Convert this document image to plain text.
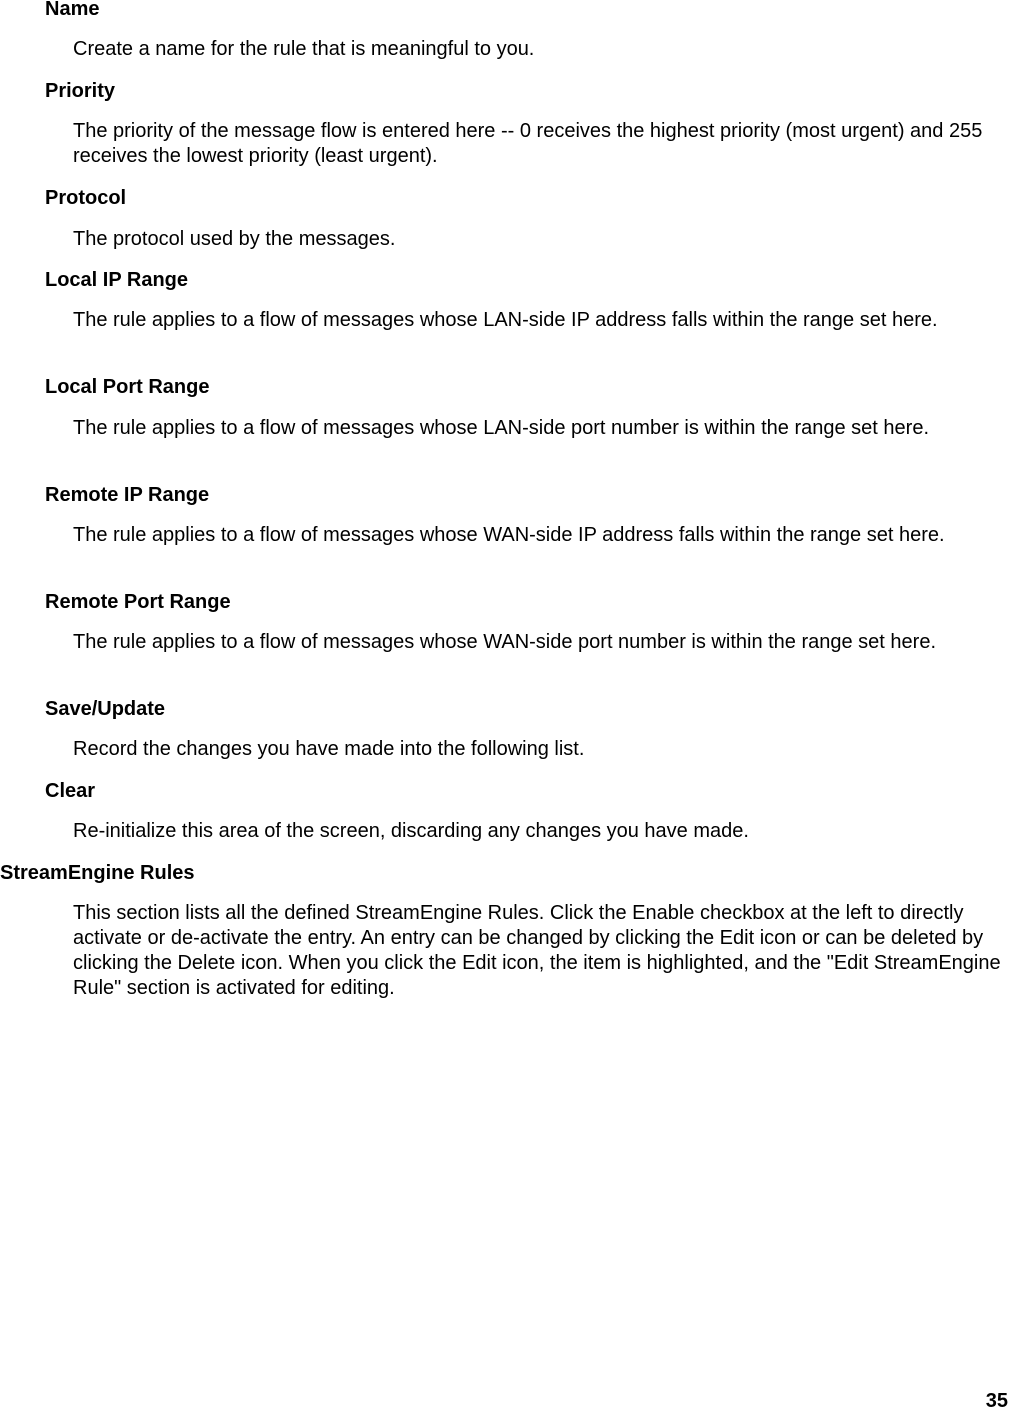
Name

Create a name for the rule that is meaningful to you.

Priority

The priority of the message flow is entered here -- 0 receives the highest priority (most urgent) and 255 receives the lowest priority (least urgent).

Protocol

The protocol used by the messages.

Local IP Range

The rule applies to a flow of messages whose LAN-side IP address falls within the range set here.

Local Port Range

The rule applies to a flow of messages whose LAN-side port number is within the range set here.

Remote IP Range

The rule applies to a flow of messages whose WAN-side IP address falls within the range set here.

Remote Port Range

The rule applies to a flow of messages whose WAN-side port number is within the range set here.

Save/Update

Record the changes you have made into the following list.

Clear

Re-initialize this area of the screen, discarding any changes you have made.

StreamEngine Rules

This section lists all the defined StreamEngine Rules. Click the Enable checkbox at the left to directly activate or de-activate the entry. An entry can be changed by clicking the Edit icon or can be deleted by clicking the Delete icon. When you click the Edit icon, the item is highlighted, and the "Edit StreamEngine Rule" section is activated for editing.

35
